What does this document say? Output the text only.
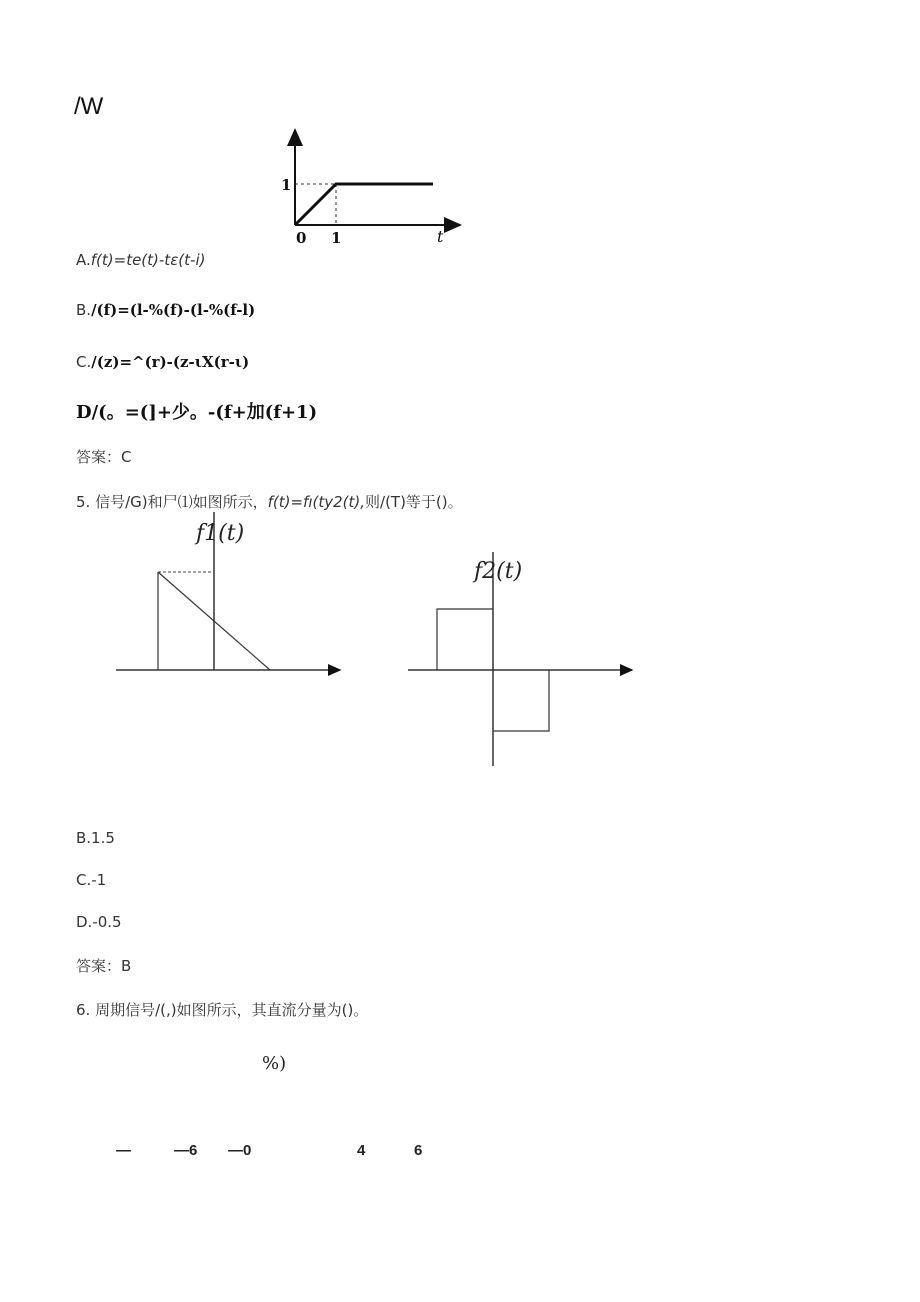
/W
1
0 1	t
A.f(t)=te(t)-tε(t-i)
B./(f)=(l-%(f)-(l-%(f-l)
C./(z)=^(r)-(z-ιX(r-ι)
D/(。=(]+少。-(f+加(f+1)
答案：C
5. 信号/G)和尸⑴如图所示，f(t)=fı(ty2(t),则/(T)等于()。
f1(t)
f2(t)
B.1.5
C.-1
D.-0.5
答案：B
6. 周期信号/(,)如图所示，其直流分量为()。
%)
—	—6 —0	4	6
